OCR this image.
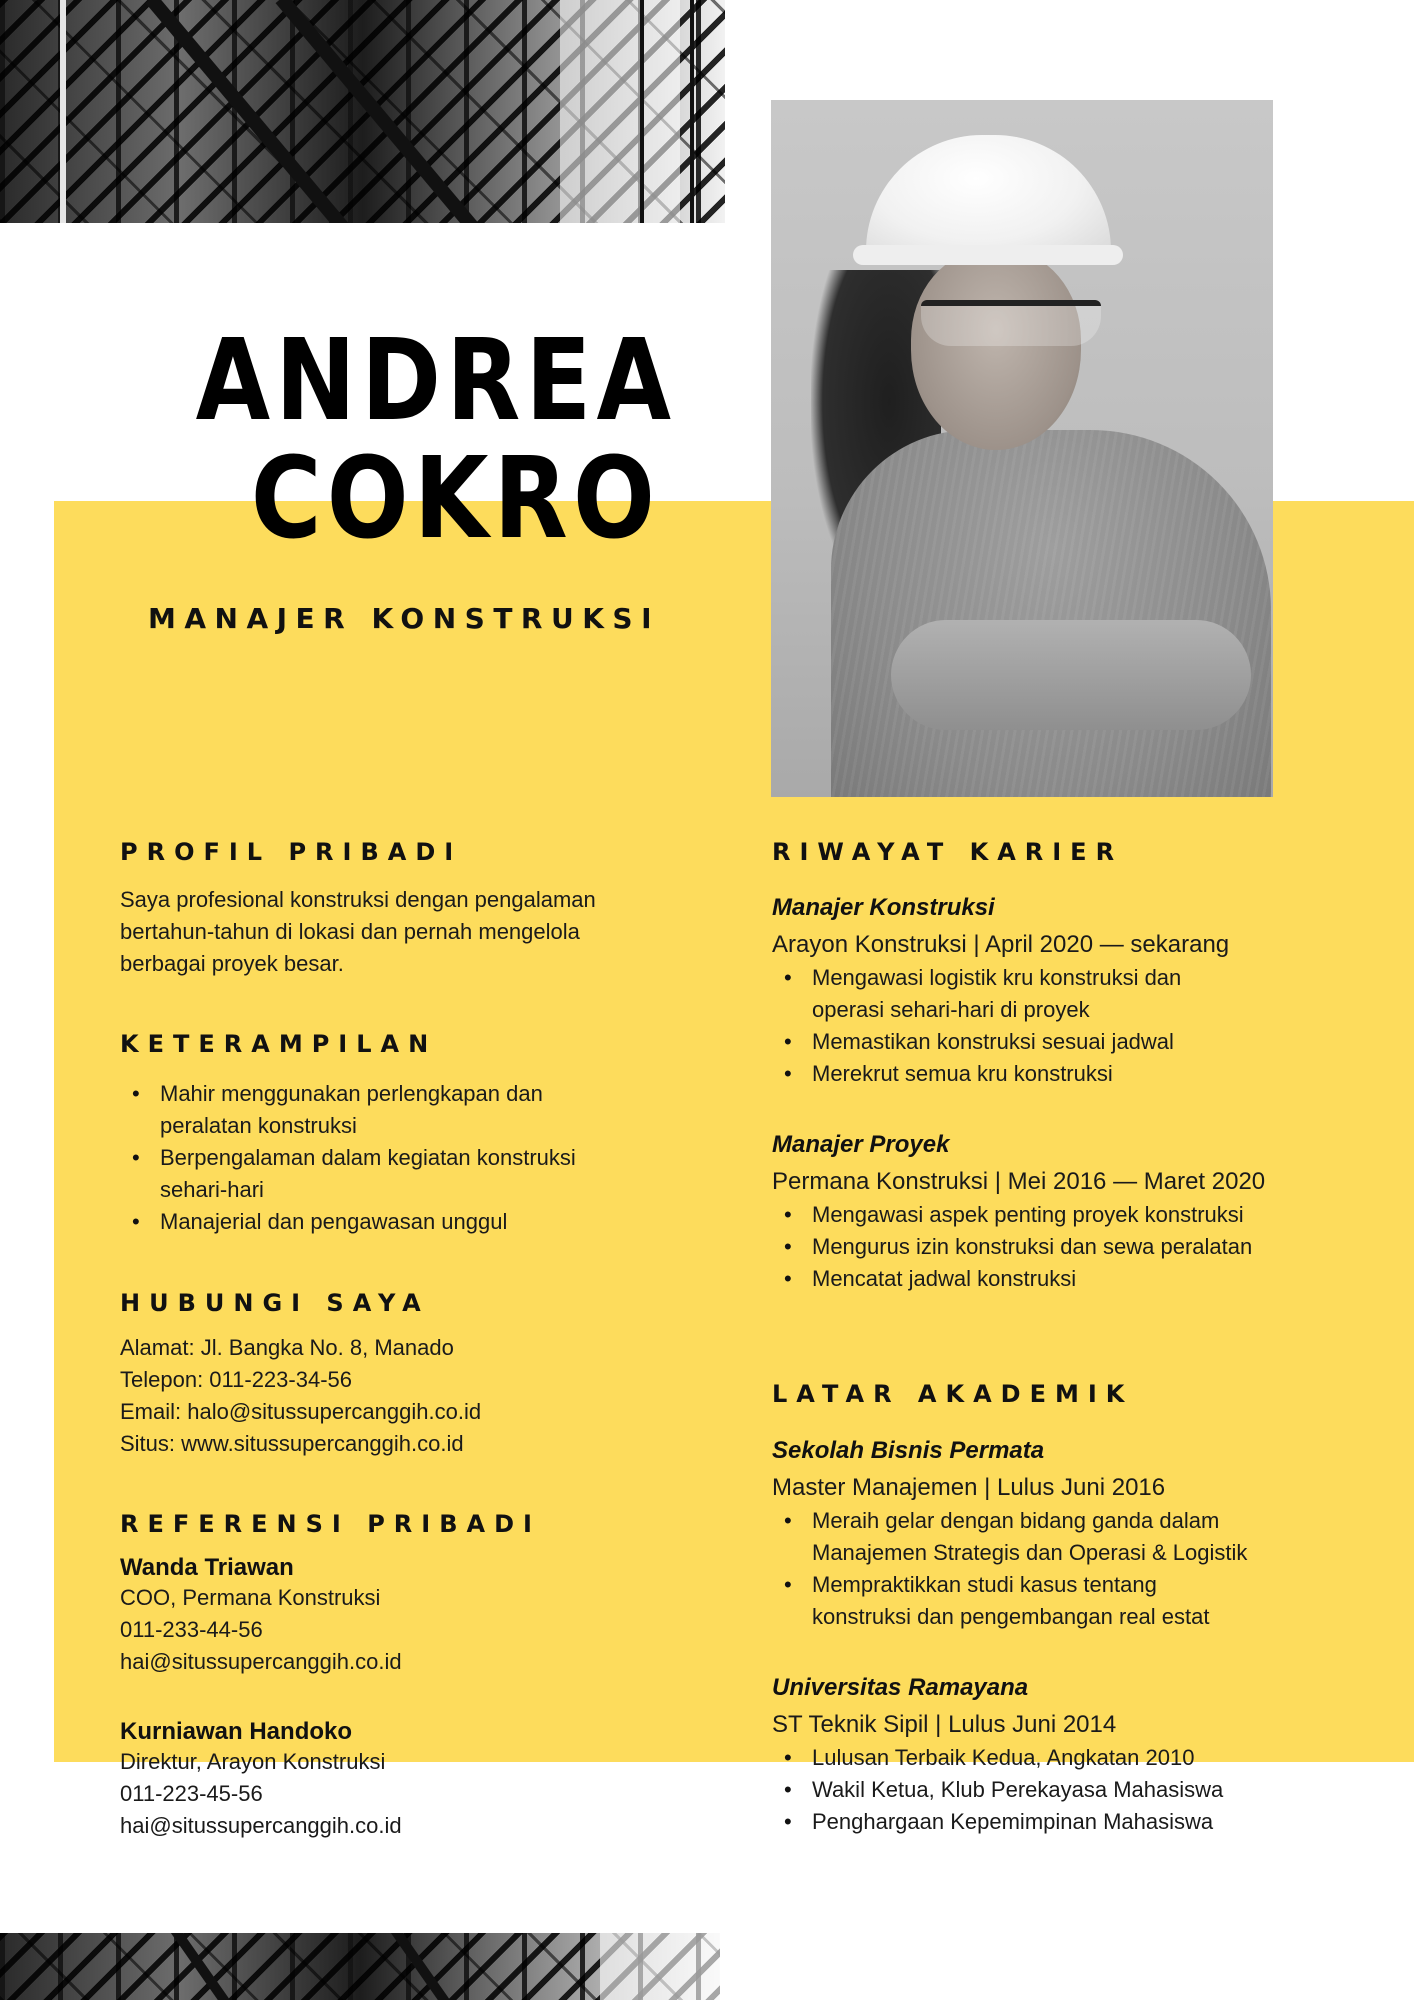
ANDREA
COKRO
MANAJER KONSTRUKSI
PROFIL PRIBADI
Saya profesional konstruksi dengan pengalaman
bertahun-tahun di lokasi dan pernah mengelola
berbagai proyek besar.
KETERAMPILAN
• Mahir menggunakan perlengkapan dan
peralatan konstruksi
• Berpengalaman dalam kegiatan konstruksi
sehari-hari
• Manajerial dan pengawasan unggul
HUBUNGI SAYA
Alamat: Jl. Bangka No. 8, Manado
Telepon: 011-223-34-56
Email: halo@situssupercanggih.co.id
Situs: www.situssupercanggih.co.id
REFERENSI PRIBADI
Wanda Triawan
COO, Permana Konstruksi
011-233-44-56
hai@situssupercanggih.co.id
Kurniawan Handoko
Direktur, Arayon Konstruksi
011-223-45-56
hai@situssupercanggih.co.id
RIWAYAT KARIER
Manajer Konstruksi
Arayon Konstruksi | April 2020 — sekarang
• Mengawasi logistik kru konstruksi dan
operasi sehari-hari di proyek
• Memastikan konstruksi sesuai jadwal
• Merekrut semua kru konstruksi
Manajer Proyek
Permana Konstruksi | Mei 2016 — Maret 2020
• Mengawasi aspek penting proyek konstruksi
• Mengurus izin konstruksi dan sewa peralatan
• Mencatat jadwal konstruksi
LATAR AKADEMIK
Sekolah Bisnis Permata
Master Manajemen | Lulus Juni 2016
• Meraih gelar dengan bidang ganda dalam
Manajemen Strategis dan Operasi & Logistik
• Mempraktikkan studi kasus tentang
konstruksi dan pengembangan real estat
Universitas Ramayana
ST Teknik Sipil | Lulus Juni 2014
• Lulusan Terbaik Kedua, Angkatan 2010
• Wakil Ketua, Klub Perekayasa Mahasiswa
• Penghargaan Kepemimpinan Mahasiswa
